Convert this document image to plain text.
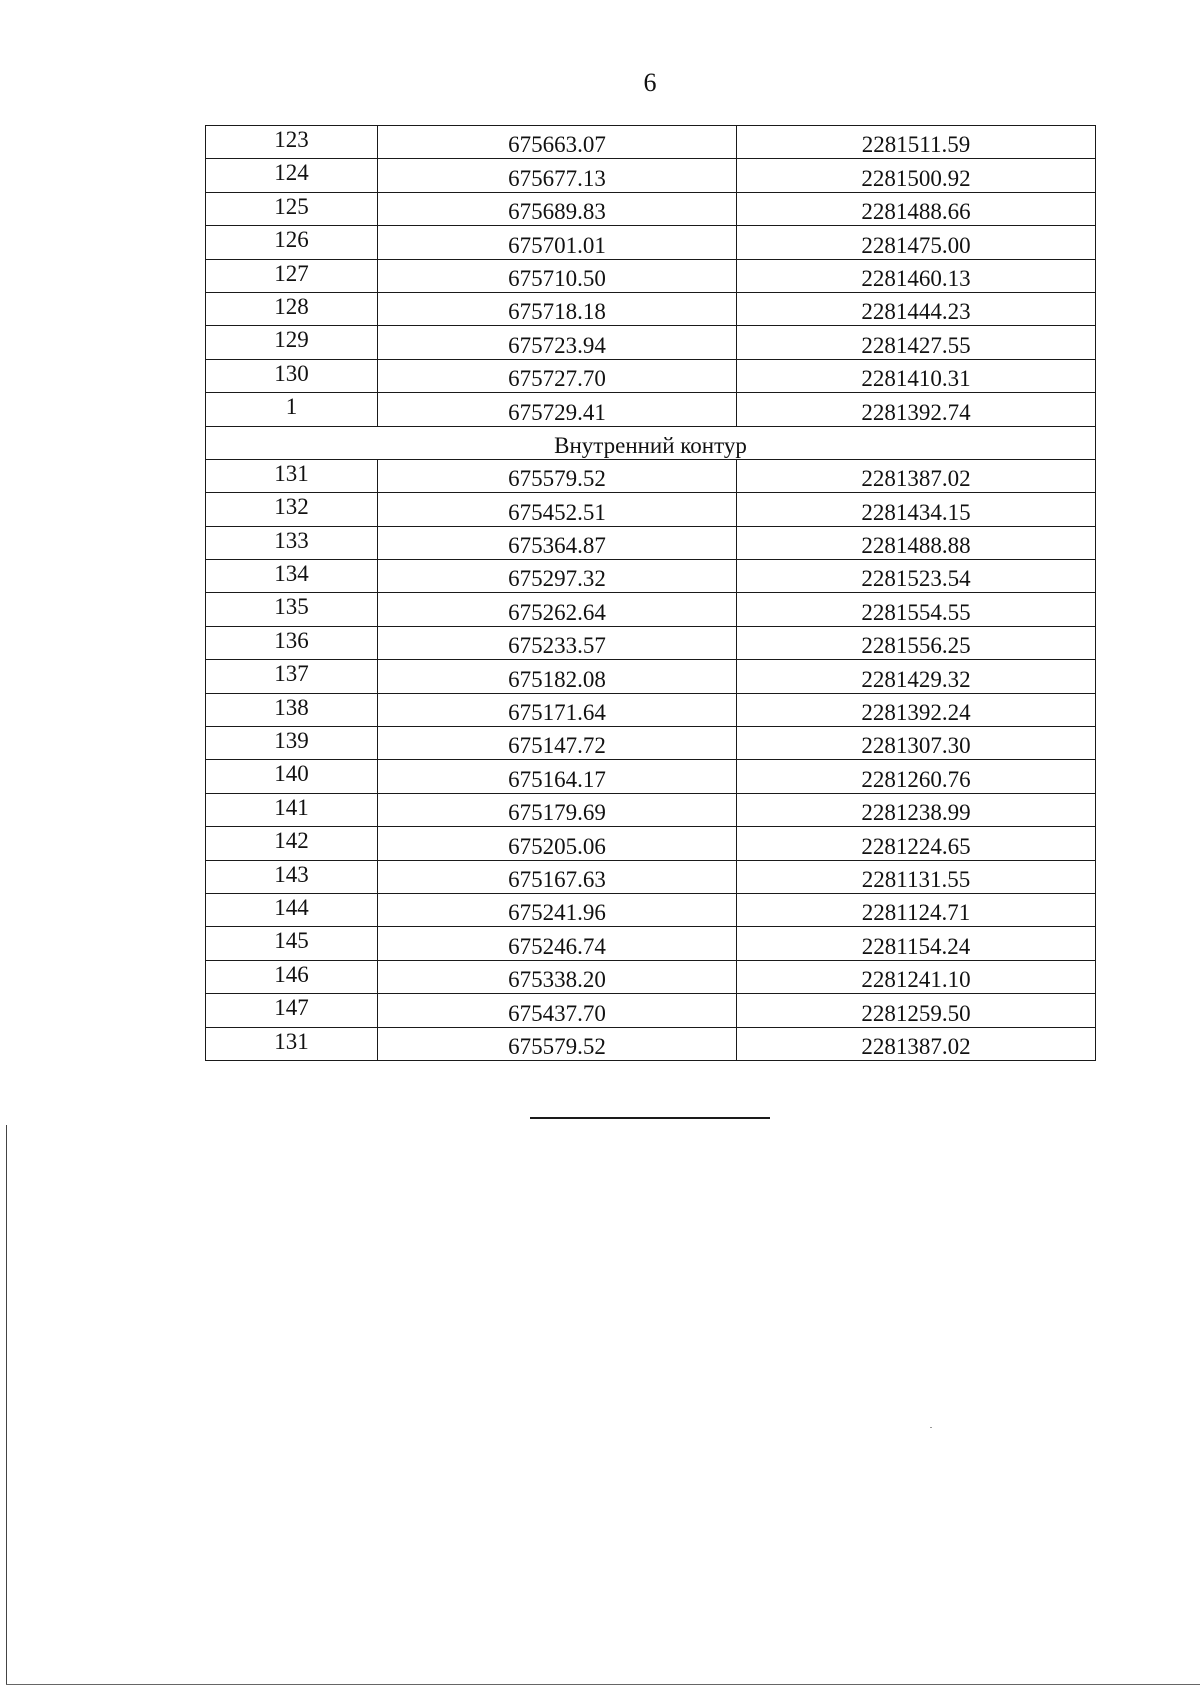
6
123	675663.07	2281511.59
124	675677.13	2281500.92
125	675689.83	2281488.66
126	675701.01	2281475.00
127	675710.50	2281460.13
128	675718.18	2281444.23
129	675723.94	2281427.55
130	675727.70	2281410.31
1	675729.41	2281392.74
Внутренний контур		
131	675579.52	2281387.02
132	675452.51	2281434.15
133	675364.87	2281488.88
134	675297.32	2281523.54
135	675262.64	2281554.55
136	675233.57	2281556.25
137	675182.08	2281429.32
138	675171.64	2281392.24
139	675147.72	2281307.30
140	675164.17	2281260.76
141	675179.69	2281238.99
142	675205.06	2281224.65
143	675167.63	2281131.55
144	675241.96	2281124.71
145	675246.74	2281154.24
146	675338.20	2281241.10
147	675437.70	2281259.50
131	675579.52	2281387.02
